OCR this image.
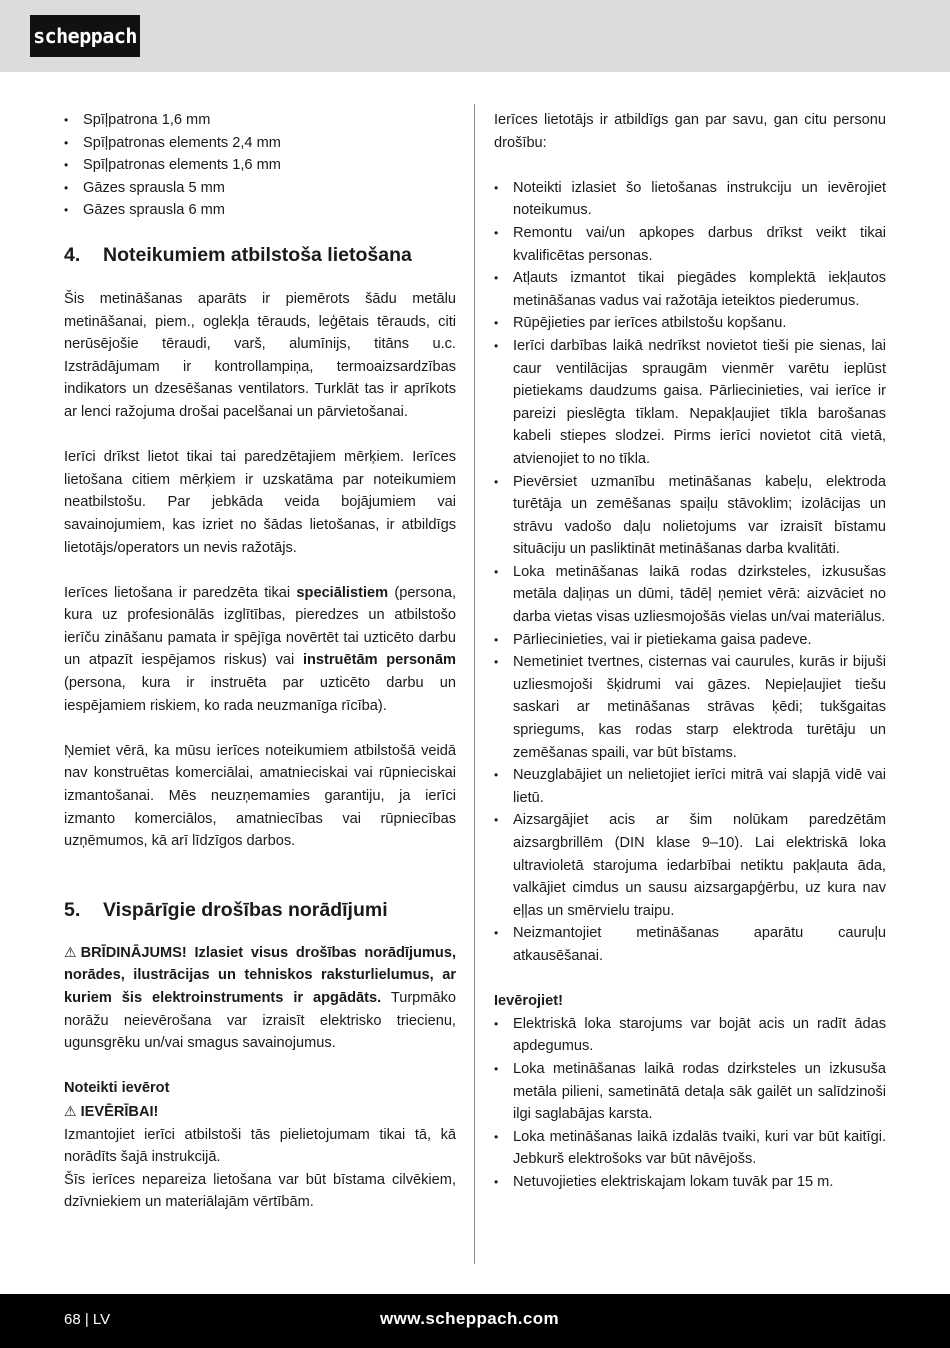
scheppach
• Spīļpatrona 1,6 mm
• Spīļpatronas elements 2,4 mm
• Spīļpatronas elements 1,6 mm
• Gāzes sprausla 5 mm
• Gāzes sprausla 6 mm
4.	Noteikumiem atbilstoša lietošana

Šis metināšanas aparāts ir piemērots šādu metālu metināšanai, piem., oglekļa tērauds, leģētais tērauds, citi nerūsējošie tēraudi, varš, alumīnijs, titāns u.c. Izstrādājumam ir kontrollampiņa, termoaizsardzības indikators un dzesēšanas ventilators. Turklāt tas ir aprīkots ar lenci ražojuma drošai pacelšanai un pārvietošanai.

Ierīci drīkst lietot tikai tai paredzētajiem mērķiem. Ierīces lietošana citiem mērķiem ir uzskatāma par noteikumiem neatbilstošu. Par jebkāda veida bojājumiem vai savainojumiem, kas izriet no šādas lietošanas, ir atbildīgs lietotājs/operators un nevis ražotājs.

Ierīces lietošana ir paredzēta tikai speciālistiem (persona, kura uz profesionālās izglītības, pieredzes un atbilstošo ierīču zināšanu pamata ir spējīga novērtēt tai uzticēto darbu un atpazīt iespējamos riskus) vai instruētām personām (persona, kura ir instruēta par uzticēto darbu un iespējamiem riskiem, ko rada neuzmanīga rīcība).

Ņemiet vērā, ka mūsu ierīces noteikumiem atbilstošā veidā nav konstruētas komerciālai, amatnieciskai vai rūpnieciskai izmantošanai. Mēs neuzņemamies garantiju, ja ierīci izmanto komerciālos, amatniecības vai rūpniecības uzņēmumos, kā arī līdzīgos darbos.

5.	Vispārīgie drošības norādījumi

⚠ BRĪDINĀJUMS! Izlasiet visus drošības norādījumus, norādes, ilustrācijas un tehniskos raksturlielumus, ar kuriem šis elektroinstruments ir apgādāts. Turpmāko norāžu neievērošana var izraisīt elektrisko triecienu, ugunsgrēku un/vai smagus savainojumus.

Noteikti ievērot

⚠ IEVĒRĪBAI!

Izmantojiet ierīci atbilstoši tās pielietojumam tikai tā, kā norādīts šajā instrukcijā.

Šīs ierīces nepareiza lietošana var būt bīstama cilvēkiem, dzīvniekiem un materiālajām vērtībām.

Ierīces lietotājs ir atbildīgs gan par savu, gan citu personu drošību:

• Noteikti izlasiet šo lietošanas instrukciju un ievērojiet noteikumus.
• Remontu vai/un apkopes darbus drīkst veikt tikai kvalificētas personas.
• Atļauts izmantot tikai piegādes komplektā iekļautos metināšanas vadus vai ražotāja ieteiktos piederumus.
• Rūpējieties par ierīces atbilstošu kopšanu.
• Ierīci darbības laikā nedrīkst novietot tieši pie sienas, lai caur ventilācijas spraugām vienmēr varētu ieplūst pietiekams daudzums gaisa. Pārliecinieties, vai ierīce ir pareizi pieslēgta tīklam. Nepakļaujiet tīkla barošanas kabeli stiepes slodzei. Pirms ierīci novietot citā vietā, atvienojiet to no tīkla.
• Pievērsiet uzmanību metināšanas kabeļu, elektroda turētāja un zemēšanas spaiļu stāvoklim; izolācijas un strāvu vadošo daļu nolietojums var izraisīt bīstamu situāciju un pasliktināt metināšanas darba kvalitāti.
• Loka metināšanas laikā rodas dzirksteles, izkusušas metāla daļiņas un dūmi, tādēļ ņemiet vērā: aizvāciet no darba vietas visas uzliesmojošās vielas un/vai materiālus.
• Pārliecinieties, vai ir pietiekama gaisa padeve.
• Nemetiniet tvertnes, cisternas vai caurules, kurās ir bijuši uzliesmojoši šķidrumi vai gāzes. Nepieļaujiet tiešu saskari ar metināšanas strāvas ķēdi; tukšgaitas spriegums, kas rodas starp elektroda turētāju un zemēšanas spaili, var būt bīstams.
• Neuzglabājiet un nelietojiet ierīci mitrā vai slapjā vidē vai lietū.
• Aizsargājiet acis ar šim nolūkam paredzētām aizsargbrillēm (DIN klase 9–10). Lai elektriskā loka ultravioletā starojuma iedarbībai netiktu pakļauta āda, valkājiet cimdus un sausu aizsargapģērbu, uz kura nav eļļas un smērvielu traipu.
• Neizmantojiet metināšanas aparātu cauruļu atkausēšanai.

Ievērojiet!

• Elektriskā loka starojums var bojāt acis un radīt ādas apdegumus.
• Loka metināšanas laikā rodas dzirksteles un izkusuša metāla pilieni, sametinātā detaļa sāk gailēt un salīdzinoši ilgi saglabājas karsta.
• Loka metināšanas laikā izdalās tvaiki, kuri var būt kaitīgi. Jebkurš elektrošoks var būt nāvējošs.
• Netuvojieties elektriskajam lokam tuvāk par 15 m.
68 | LV	www.scheppach.com
